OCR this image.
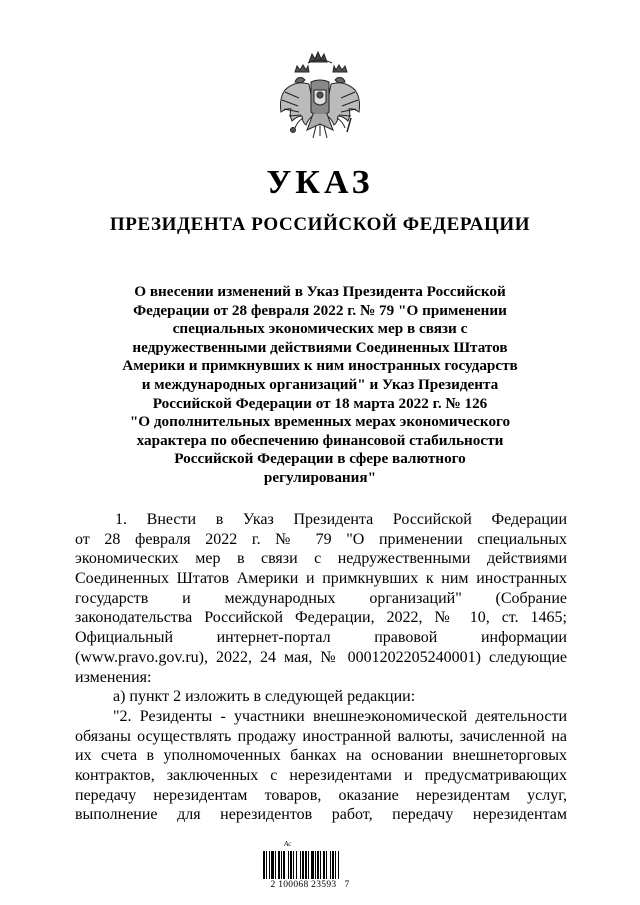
УКАЗ
ПРЕЗИДЕНТА РОССИЙСКОЙ ФЕДЕРАЦИИ
О внесении изменений в Указ Президента Российской
Федерации от 28 февраля 2022 г. № 79 "О применении
специальных экономических мер в связи с
недружественными действиями Соединенных Штатов
Америки и примкнувших к ним иностранных государств
и международных организаций" и Указ Президента
Российской Федерации от 18 марта 2022 г. № 126
"О дополнительных временных мерах экономического
характера по обеспечению финансовой стабильности
Российской Федерации в сфере валютного
регулирования"
1. Внести в Указ Президента Российской Федерации
от 28 февраля 2022 г. № 79 "О применении специальных
экономических мер в связи с недружественными действиями
Соединенных Штатов Америки и примкнувших к ним иностранных
государств и международных организаций" (Собрание
законодательства Российской Федерации, 2022, № 10, ст. 1465;
Официальный интернет-портал правовой информации
(www.pravo.gov.ru), 2022, 24 мая, № 0001202205240001) следующие
изменения:
а) пункт 2 изложить в следующей редакции:
"2. Резиденты - участники внешнеэкономической деятельности
обязаны осуществлять продажу иностранной валюты, зачисленной на
их счета в уполномоченных банках на основании внешнеторговых
контрактов, заключенных с нерезидентами и предусматривающих
передачу нерезидентам товаров, оказание нерезидентам услуг,
выполнение для нерезидентов работ, передачу нерезидентам
2 100068 23593   7
Ac
